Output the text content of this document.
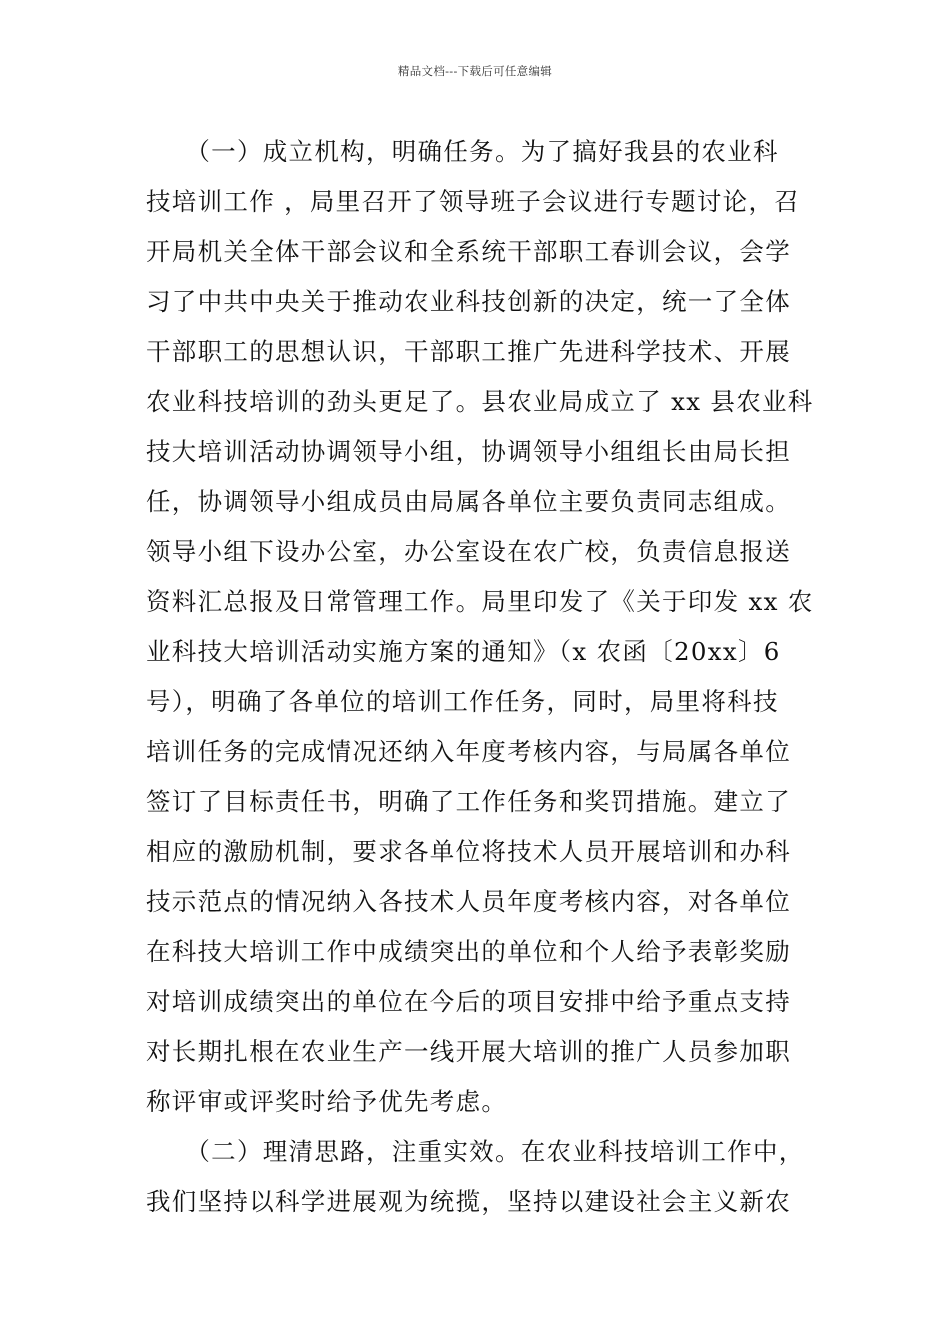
精品文档---下载后可任意编辑
　　（一）成立机构，明确任务。为了搞好我县的农业科
技培训工作 ，局里召开了领导班子会议进行专题讨论，召
开局机关全体干部会议和全系统干部职工春训会议，会学
习了中共中央关于推动农业科技创新的决定，统一了全体
干部职工的思想认识，干部职工推广先进科学技术、开展
农业科技培训的劲头更足了。县农业局成立了 xx 县农业科
技大培训活动协调领导小组，协调领导小组组长由局长担
任，协调领导小组成员由局属各单位主要负责同志组成。
领导小组下设办公室，办公室设在农广校，负责信息报送
资料汇总报及日常管理工作。局里印发了《关于印发 xx 农
业科技大培训活动实施方案的通知》（x 农函〔20xx〕6
号），明确了各单位的培训工作任务，同时，局里将科技
培训任务的完成情况还纳入年度考核内容，与局属各单位
签订了目标责任书，明确了工作任务和奖罚措施。建立了
相应的激励机制，要求各单位将技术人员开展培训和办科
技示范点的情况纳入各技术人员年度考核内容，对各单位
在科技大培训工作中成绩突出的单位和个人给予表彰奖励
对培训成绩突出的单位在今后的项目安排中给予重点支持
对长期扎根在农业生产一线开展大培训的推广人员参加职
称评审或评奖时给予优先考虑。
　　（二）理清思路，注重实效。在农业科技培训工作中，
我们坚持以科学进展观为统揽，坚持以建设社会主义新农
